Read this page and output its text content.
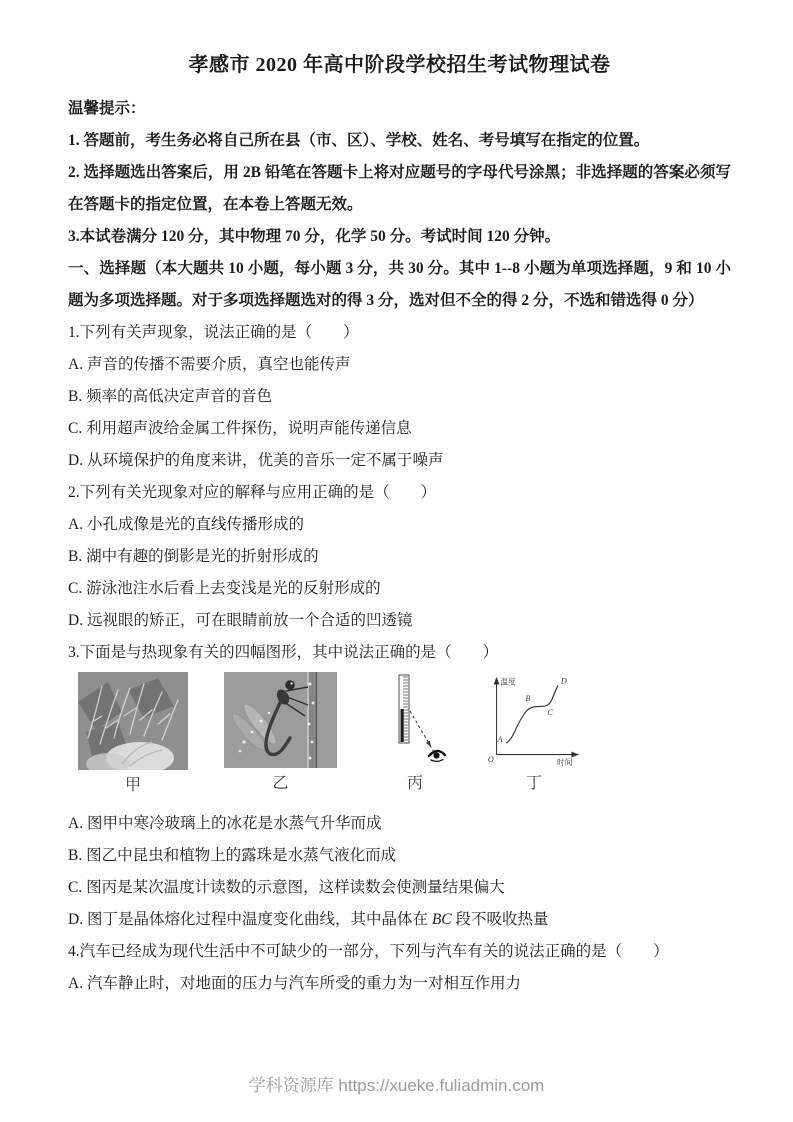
孝感市 2020 年高中阶段学校招生考试物理试卷

温馨提示：

1. 答题前，考生务必将自己所在县（市、区）、学校、姓名、考号填写在指定的位置。

2. 选择题选出答案后，用 2B 铅笔在答题卡上将对应题号的字母代号涂黑；非选择题的答案必须写在答题卡的指定位置，在本卷上答题无效。

3.本试卷满分 120 分，其中物理 70 分，化学 50 分。考试时间 120 分钟。

一、选择题（本大题共 10 小题，每小题 3 分，共 30 分。其中 1--8 小题为单项选择题，9 和 10 小题为多项选择题。对于多项选择题选对的得 3 分，选对但不全的得 2 分，不选和错选得 0 分）

1.下列有关声现象，说法正确的是（　　）

A. 声音的传播不需要介质，真空也能传声

B. 频率的高低决定声音的音色

C. 利用超声波给金属工件探伤，说明声能传递信息

D. 从环境保护的角度来讲，优美的音乐一定不属于噪声

2.下列有关光现象对应的解释与应用正确的是（　　）

A. 小孔成像是光的直线传播形成的

B. 湖中有趣的倒影是光的折射形成的

C. 游泳池注水后看上去变浅是光的反射形成的

D. 远视眼的矫正，可在眼睛前放一个合适的凹透镜

3.下面是与热现象有关的四幅图形，其中说法正确的是（　　）

甲	乙	丙
温度
时间
O
A
B
C
D
丁

A. 图甲中寒冷玻璃上的冰花是水蒸气升华而成

B. 图乙中昆虫和植物上的露珠是水蒸气液化而成

C. 图丙是某次温度计读数的示意图，这样读数会使测量结果偏大

D. 图丁是晶体熔化过程中温度变化曲线，其中晶体在 BC 段不吸收热量

4.汽车已经成为现代生活中不可缺少的一部分，下列与汽车有关的说法正确的是（　　）

A. 汽车静止时，对地面的压力与汽车所受的重力为一对相互作用力

学科资源库 https://xueke.fuliadmin.com
